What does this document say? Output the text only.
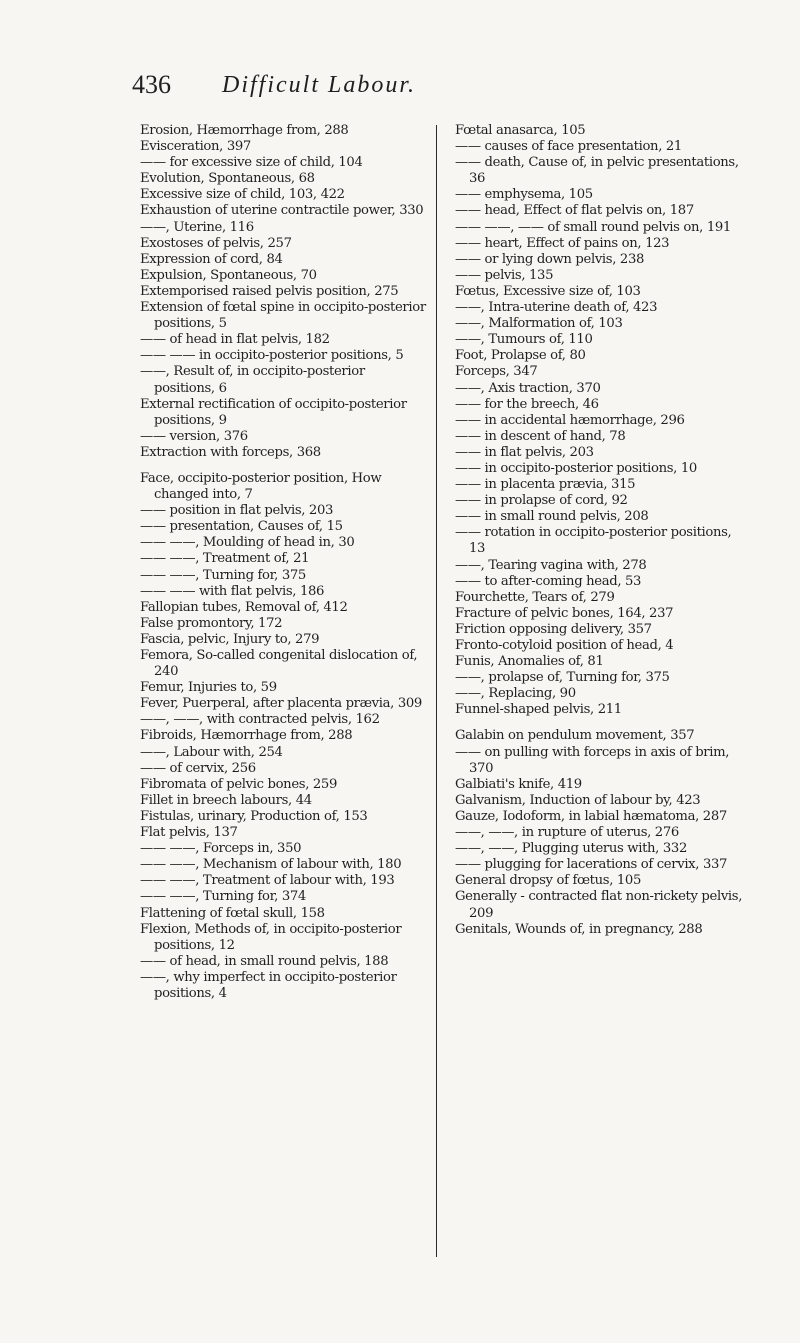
436 Difficult Labour.

Erosion, Hæmorrhage from, 288

Evisceration, 397

—— for excessive size of child, 104

Evolution, Spontaneous, 68

Excessive size of child, 103, 422

Exhaustion of uterine contractile power, 330

——, Uterine, 116

Exostoses of pelvis, 257

Expression of cord, 84

Expulsion, Spontaneous, 70

Extemporised raised pelvis position, 275

Extension of fœtal spine in occipito-posterior positions, 5

—— of head in flat pelvis, 182

—— —— in occipito-posterior positions, 5

——, Result of, in occipito-posterior positions, 6

External rectification of occipito-posterior positions, 9

—— version, 376

Extraction with forceps, 368

Face, occipito-posterior position, How changed into, 7

—— position in flat pelvis, 203

—— presentation, Causes of, 15

—— ——, Moulding of head in, 30

—— ——, Treatment of, 21

—— ——, Turning for, 375

—— —— with flat pelvis, 186

Fallopian tubes, Removal of, 412

False promontory, 172

Fascia, pelvic, Injury to, 279

Femora, So-called congenital dislocation of, 240

Femur, Injuries to, 59

Fever, Puerperal, after placenta prævia, 309

——, ——, with contracted pelvis, 162

Fibroids, Hæmorrhage from, 288

——, Labour with, 254

—— of cervix, 256

Fibromata of pelvic bones, 259

Fillet in breech labours, 44

Fistulas, urinary, Production of, 153

Flat pelvis, 137

—— ——, Forceps in, 350

—— ——, Mechanism of labour with, 180

—— ——, Treatment of labour with, 193

—— ——, Turning for, 374

Flattening of fœtal skull, 158

Flexion, Methods of, in occipito-posterior positions, 12

—— of head, in small round pelvis, 188

——, why imperfect in occipito-posterior positions, 4

Fœtal anasarca, 105

—— causes of face presentation, 21

—— death, Cause of, in pelvic presentations, 36

—— emphysema, 105

—— head, Effect of flat pelvis on, 187

—— ——, —— of small round pelvis on, 191

—— heart, Effect of pains on, 123

—— or lying down pelvis, 238

—— pelvis, 135

Fœtus, Excessive size of, 103

——, Intra-uterine death of, 423

——, Malformation of, 103

——, Tumours of, 110

Foot, Prolapse of, 80

Forceps, 347

——, Axis traction, 370

—— for the breech, 46

—— in accidental hæmorrhage, 296

—— in descent of hand, 78

—— in flat pelvis, 203

—— in occipito-posterior positions, 10

—— in placenta prævia, 315

—— in prolapse of cord, 92

—— in small round pelvis, 208

—— rotation in occipito-posterior positions, 13

——, Tearing vagina with, 278

—— to after-coming head, 53

Fourchette, Tears of, 279

Fracture of pelvic bones, 164, 237

Friction opposing delivery, 357

Fronto-cotyloid position of head, 4

Funis, Anomalies of, 81

——, prolapse of, Turning for, 375

——, Replacing, 90

Funnel-shaped pelvis, 211

Galabin on pendulum movement, 357

—— on pulling with forceps in axis of brim, 370

Galbiati's knife, 419

Galvanism, Induction of labour by, 423

Gauze, Iodoform, in labial hæmatoma, 287

——, ——, in rupture of uterus, 276

——, ——, Plugging uterus with, 332

—— plugging for lacerations of cervix, 337

General dropsy of fœtus, 105

Generally - contracted flat non-rickety pelvis, 209

Genitals, Wounds of, in pregnancy, 288
